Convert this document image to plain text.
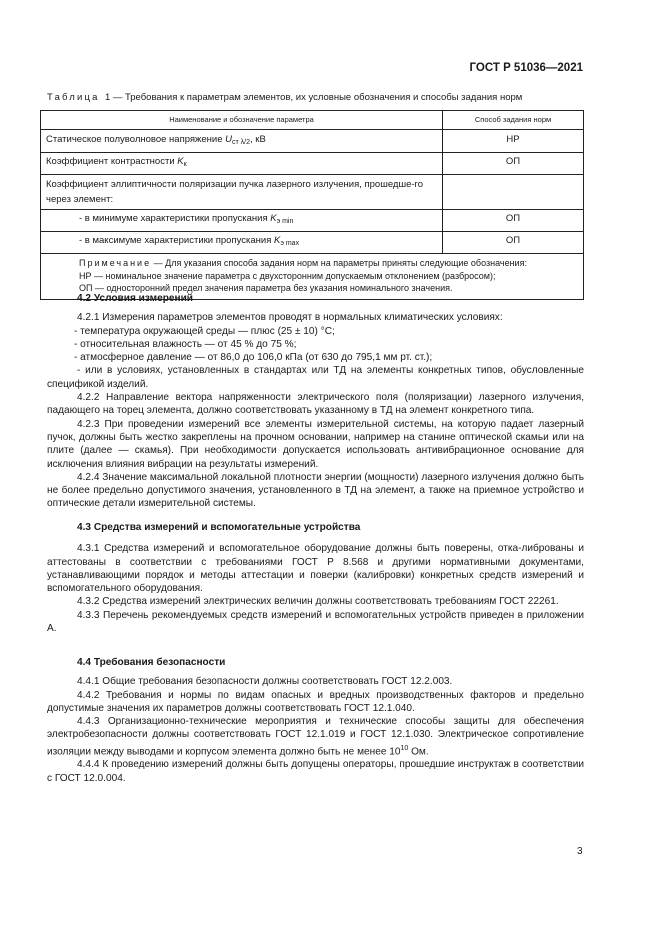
ГОСТ Р 51036—2021
Таблица 1 — Требования к параметрам элементов, их условные обозначения и способы задания норм
Наименование и обозначение параметра	Способ задания норм
Статическое полуволновое напряжение $U_{ст \lambda/2}$, кВ	НР
Коэффициент контрастности $K_к$	ОП
Коэффициент эллиптичности поляризации пучка лазерного излучения, прошедше-го через элемент:	
- в минимуме характеристики пропускания $K_{э min}$	ОП
- в максимуме характеристики пропускания $K_{э max}$	ОП

Примечание — Для указания способа задания норм на параметры приняты следующие обозначения:
НР — номинальное значение параметра с двухсторонним допускаемым отклонением (разбросом);
ОП — односторонний предел значения параметра без указания номинального значения.	
4.2 Условия измерений

4.2.1 Измерения параметров элементов проводят в нормальных климатических условиях:

- температура окружающей среды — плюс (25 ± 10) °С;

- относительная влажность — от 45 % до 75 %;

- атмосферное давление — от 86,0 до 106,0 кПа (от 630 до 795,1 мм рт. ст.);

- или в условиях, установленных в стандартах или ТД на элементы конкретных типов, обусловленные спецификой изделий.

4.2.2 Направление вектора напряженности электрического поля (поляризации) лазерного излучения, падающего на торец элемента, должно соответствовать указанному в ТД на элемент конкретного типа.

4.2.3 При проведении измерений все элементы измерительной системы, на которую падает лазерный пучок, должны быть жестко закреплены на прочном основании, например на станине оптической скамьи или на плите (далее — скамья). При необходимости допускается использовать антивибрационное основание для исключения влияния вибрации на результаты измерений.

4.2.4 Значение максимальной локальной плотности энергии (мощности) лазерного излучения должно быть не более предельно допустимого значения, установленного в ТД на элемент, а также на приемное устройство и оптические детали измерительной системы.

4.3 Средства измерений и вспомогательные устройства

4.3.1 Средства измерений и вспомогательное оборудование должны быть поверены, отка-либрованы и аттестованы в соответствии с требованиями ГОСТ Р 8.568 и другими нормативными документами, устанавливающими порядок и методы аттестации и поверки (калибровки) конкретных средств измерений и вспомогательного оборудования.

4.3.2 Средства измерений электрических величин должны соответствовать требованиям ГОСТ 22261.

4.3.3 Перечень рекомендуемых средств измерений и вспомогательных устройств приведен в приложении А.

4.4 Требования безопасности

4.4.1 Общие требования безопасности должны соответствовать ГОСТ 12.2.003.

4.4.2 Требования и нормы по видам опасных и вредных производственных факторов и предельно допустимые значения их параметров должны соответствовать ГОСТ 12.1.040.

4.4.3 Организационно-технические мероприятия и технические способы защиты для обеспечения электробезопасности должны соответствовать ГОСТ 12.1.019 и ГОСТ 12.1.030. Электрическое сопротивление изоляции между выводами и корпусом элемента должно быть не менее $10^{10}$ Ом.

4.4.4 К проведению измерений должны быть допущены операторы, прошедшие инструктаж в соответствии с ГОСТ 12.0.004.

3
